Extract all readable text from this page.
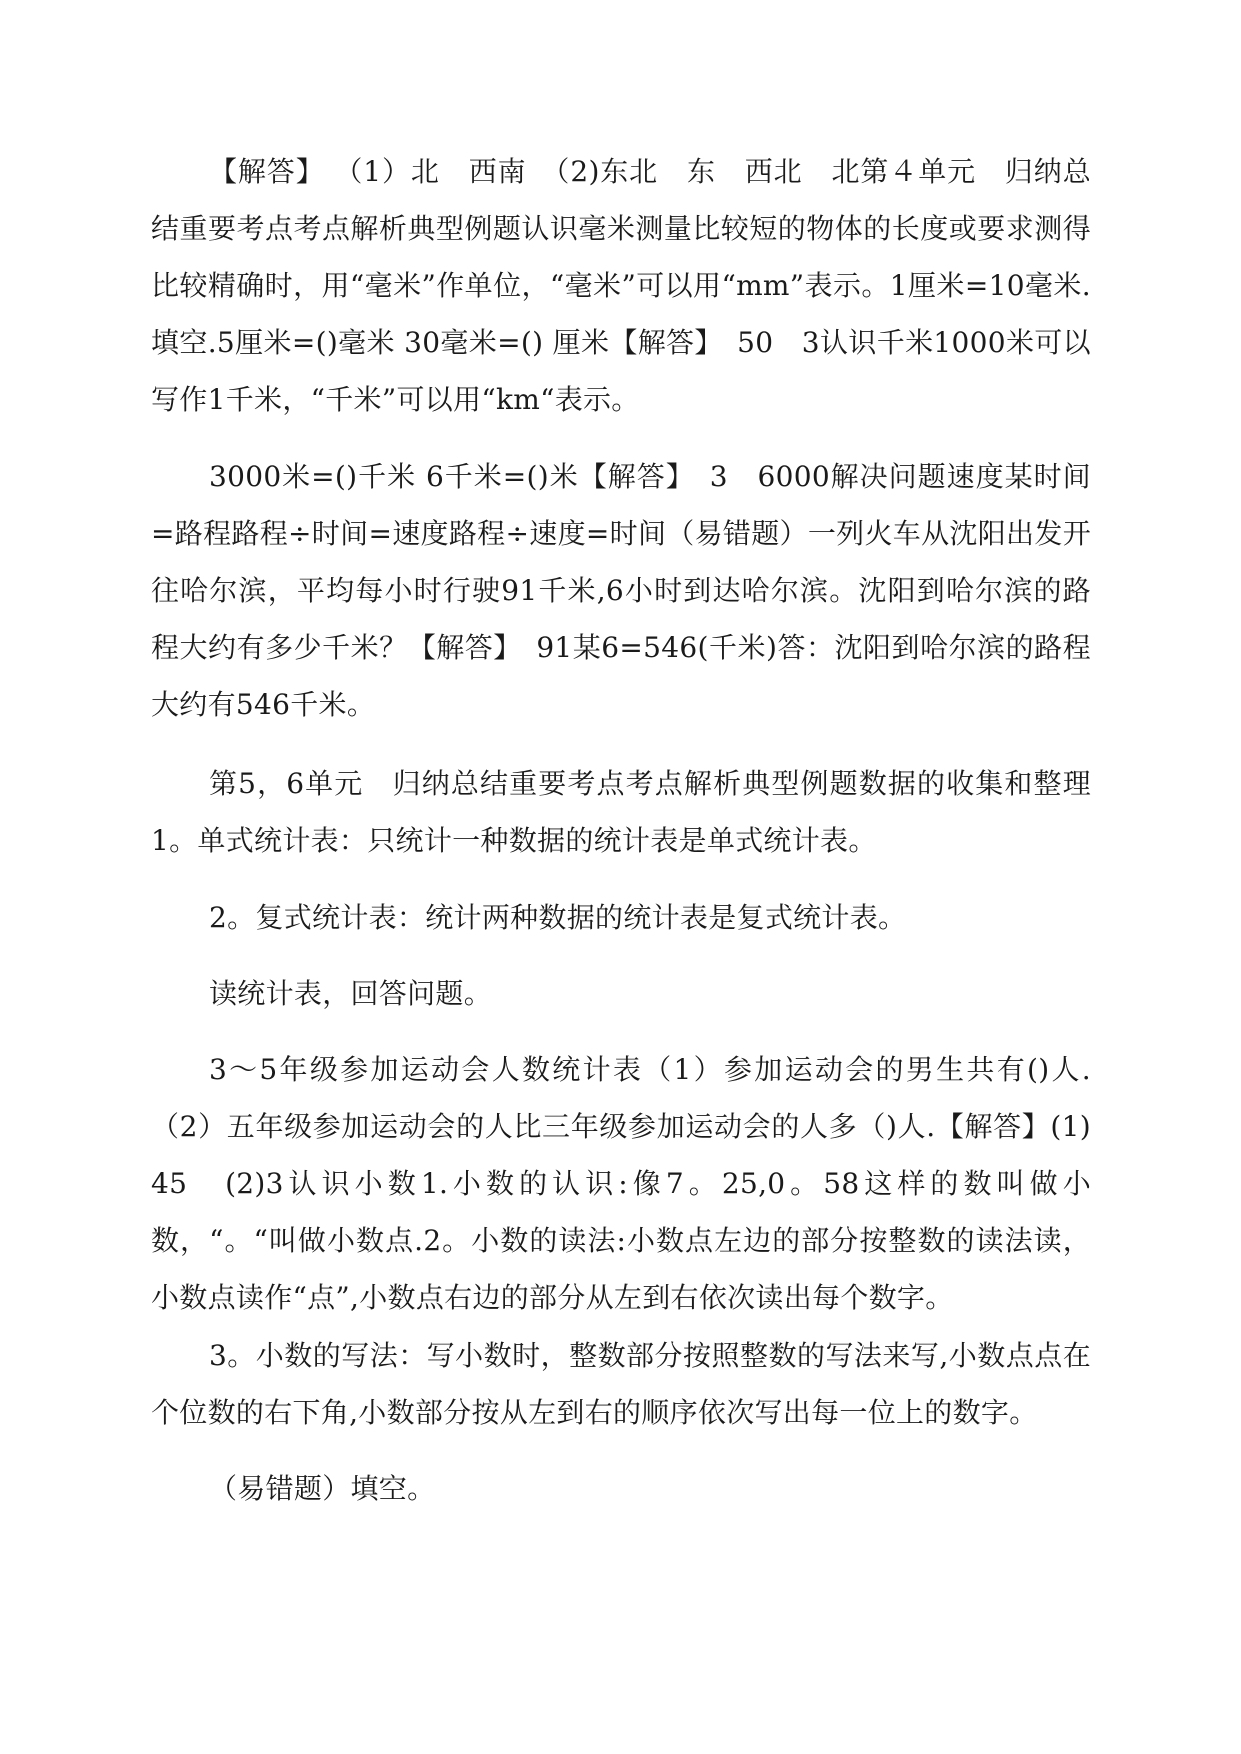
【解答】 （1）北　西南　（2)东北　东　西北　北第４单元　归纳总结重要考点考点解析典型例题认识毫米测量比较短的物体的长度或要求测得比较精确时，用“毫米”作单位，“毫米”可以用“mm”表示。1厘米=10毫米.填空.5厘米=()毫米 30毫米=() 厘米【解答】　50　3认识千米1000米可以写作1千米，“千米”可以用“km“表示。

3000米=()千米 6千米=()米【解答】　3　6000解决问题速度某时间=路程路程÷时间=速度路程÷速度=时间（易错题）一列火车从沈阳出发开往哈尔滨，平均每小时行驶91千米,6小时到达哈尔滨。沈阳到哈尔滨的路程大约有多少千米？【解答】　91某6=546(千米)答：沈阳到哈尔滨的路程大约有546千米。

第5，6单元　归纳总结重要考点考点解析典型例题数据的收集和整理1。单式统计表：只统计一种数据的统计表是单式统计表。

2。复式统计表：统计两种数据的统计表是复式统计表。

读统计表，回答问题。

3～5年级参加运动会人数统计表（1）参加运动会的男生共有()人.（2）五年级参加运动会的人比三年级参加运动会的人多（)人.【解答】(1)45　(2)3认识小数1.小数的认识:像7。25,0。58这样的数叫做小数，“。“叫做小数点.2。小数的读法:小数点左边的部分按整数的读法读，小数点读作“点”,小数点右边的部分从左到右依次读出每个数字。

3。小数的写法：写小数时，整数部分按照整数的写法来写,小数点点在个位数的右下角,小数部分按从左到右的顺序依次写出每一位上的数字。

（易错题）填空。
